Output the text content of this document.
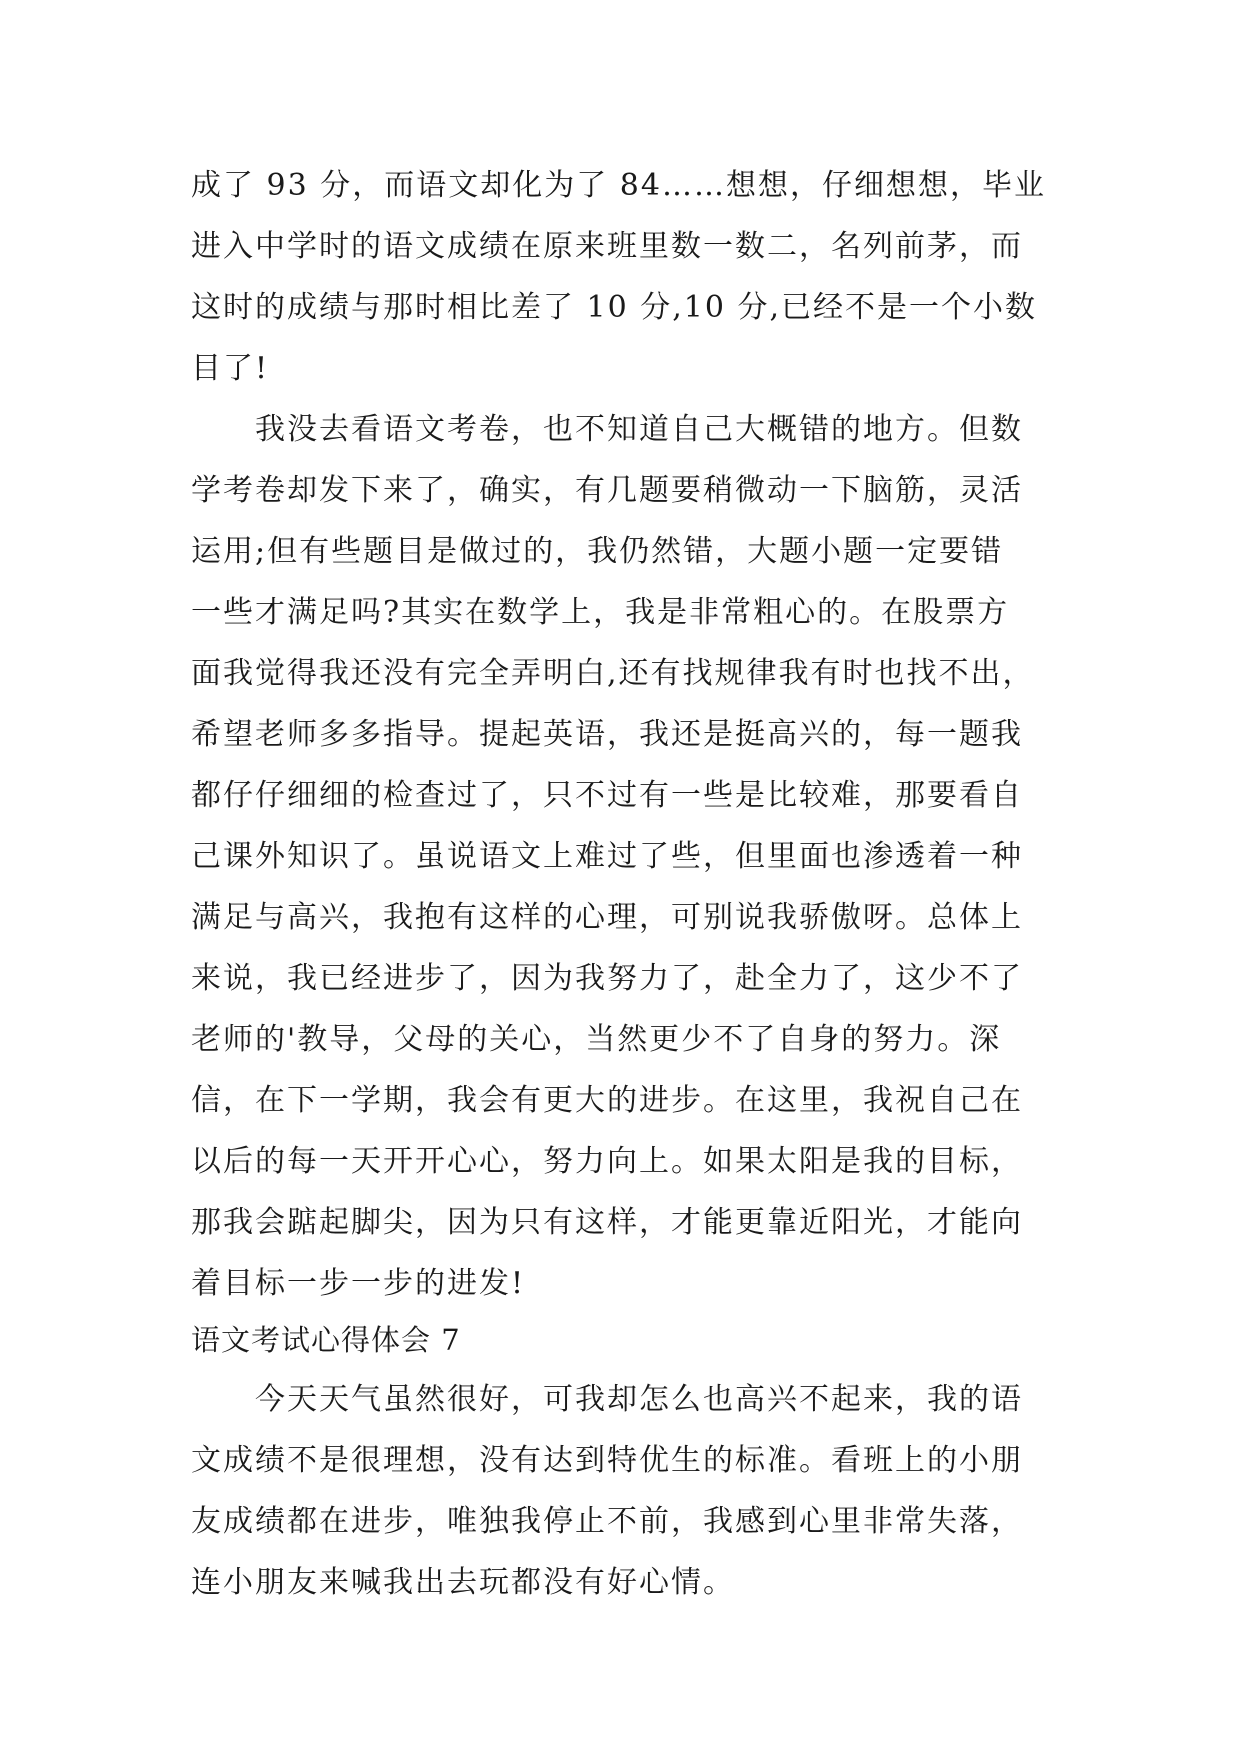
成了 93 分，而语文却化为了 84……想想，仔细想想，毕业
进入中学时的语文成绩在原来班里数一数二，名列前茅，而
这时的成绩与那时相比差了 10 分,10 分,已经不是一个小数
目了!
我没去看语文考卷，也不知道自己大概错的地方。但数
学考卷却发下来了，确实，有几题要稍微动一下脑筋，灵活
运用;但有些题目是做过的，我仍然错，大题小题一定要错
一些才满足吗?其实在数学上，我是非常粗心的。在股票方
面我觉得我还没有完全弄明白,还有找规律我有时也找不出，
希望老师多多指导。提起英语，我还是挺高兴的，每一题我
都仔仔细细的检查过了，只不过有一些是比较难，那要看自
己课外知识了。虽说语文上难过了些，但里面也渗透着一种
满足与高兴，我抱有这样的心理，可别说我骄傲呀。总体上
来说，我已经进步了，因为我努力了，赴全力了，这少不了
老师的'教导，父母的关心，当然更少不了自身的努力。深
信，在下一学期，我会有更大的进步。在这里，我祝自己在
以后的每一天开开心心，努力向上。如果太阳是我的目标，
那我会踮起脚尖，因为只有这样，才能更靠近阳光，才能向
着目标一步一步的进发!
语文考试心得体会 7
今天天气虽然很好，可我却怎么也高兴不起来，我的语
文成绩不是很理想，没有达到特优生的标准。看班上的小朋
友成绩都在进步，唯独我停止不前，我感到心里非常失落，
连小朋友来喊我出去玩都没有好心情。
